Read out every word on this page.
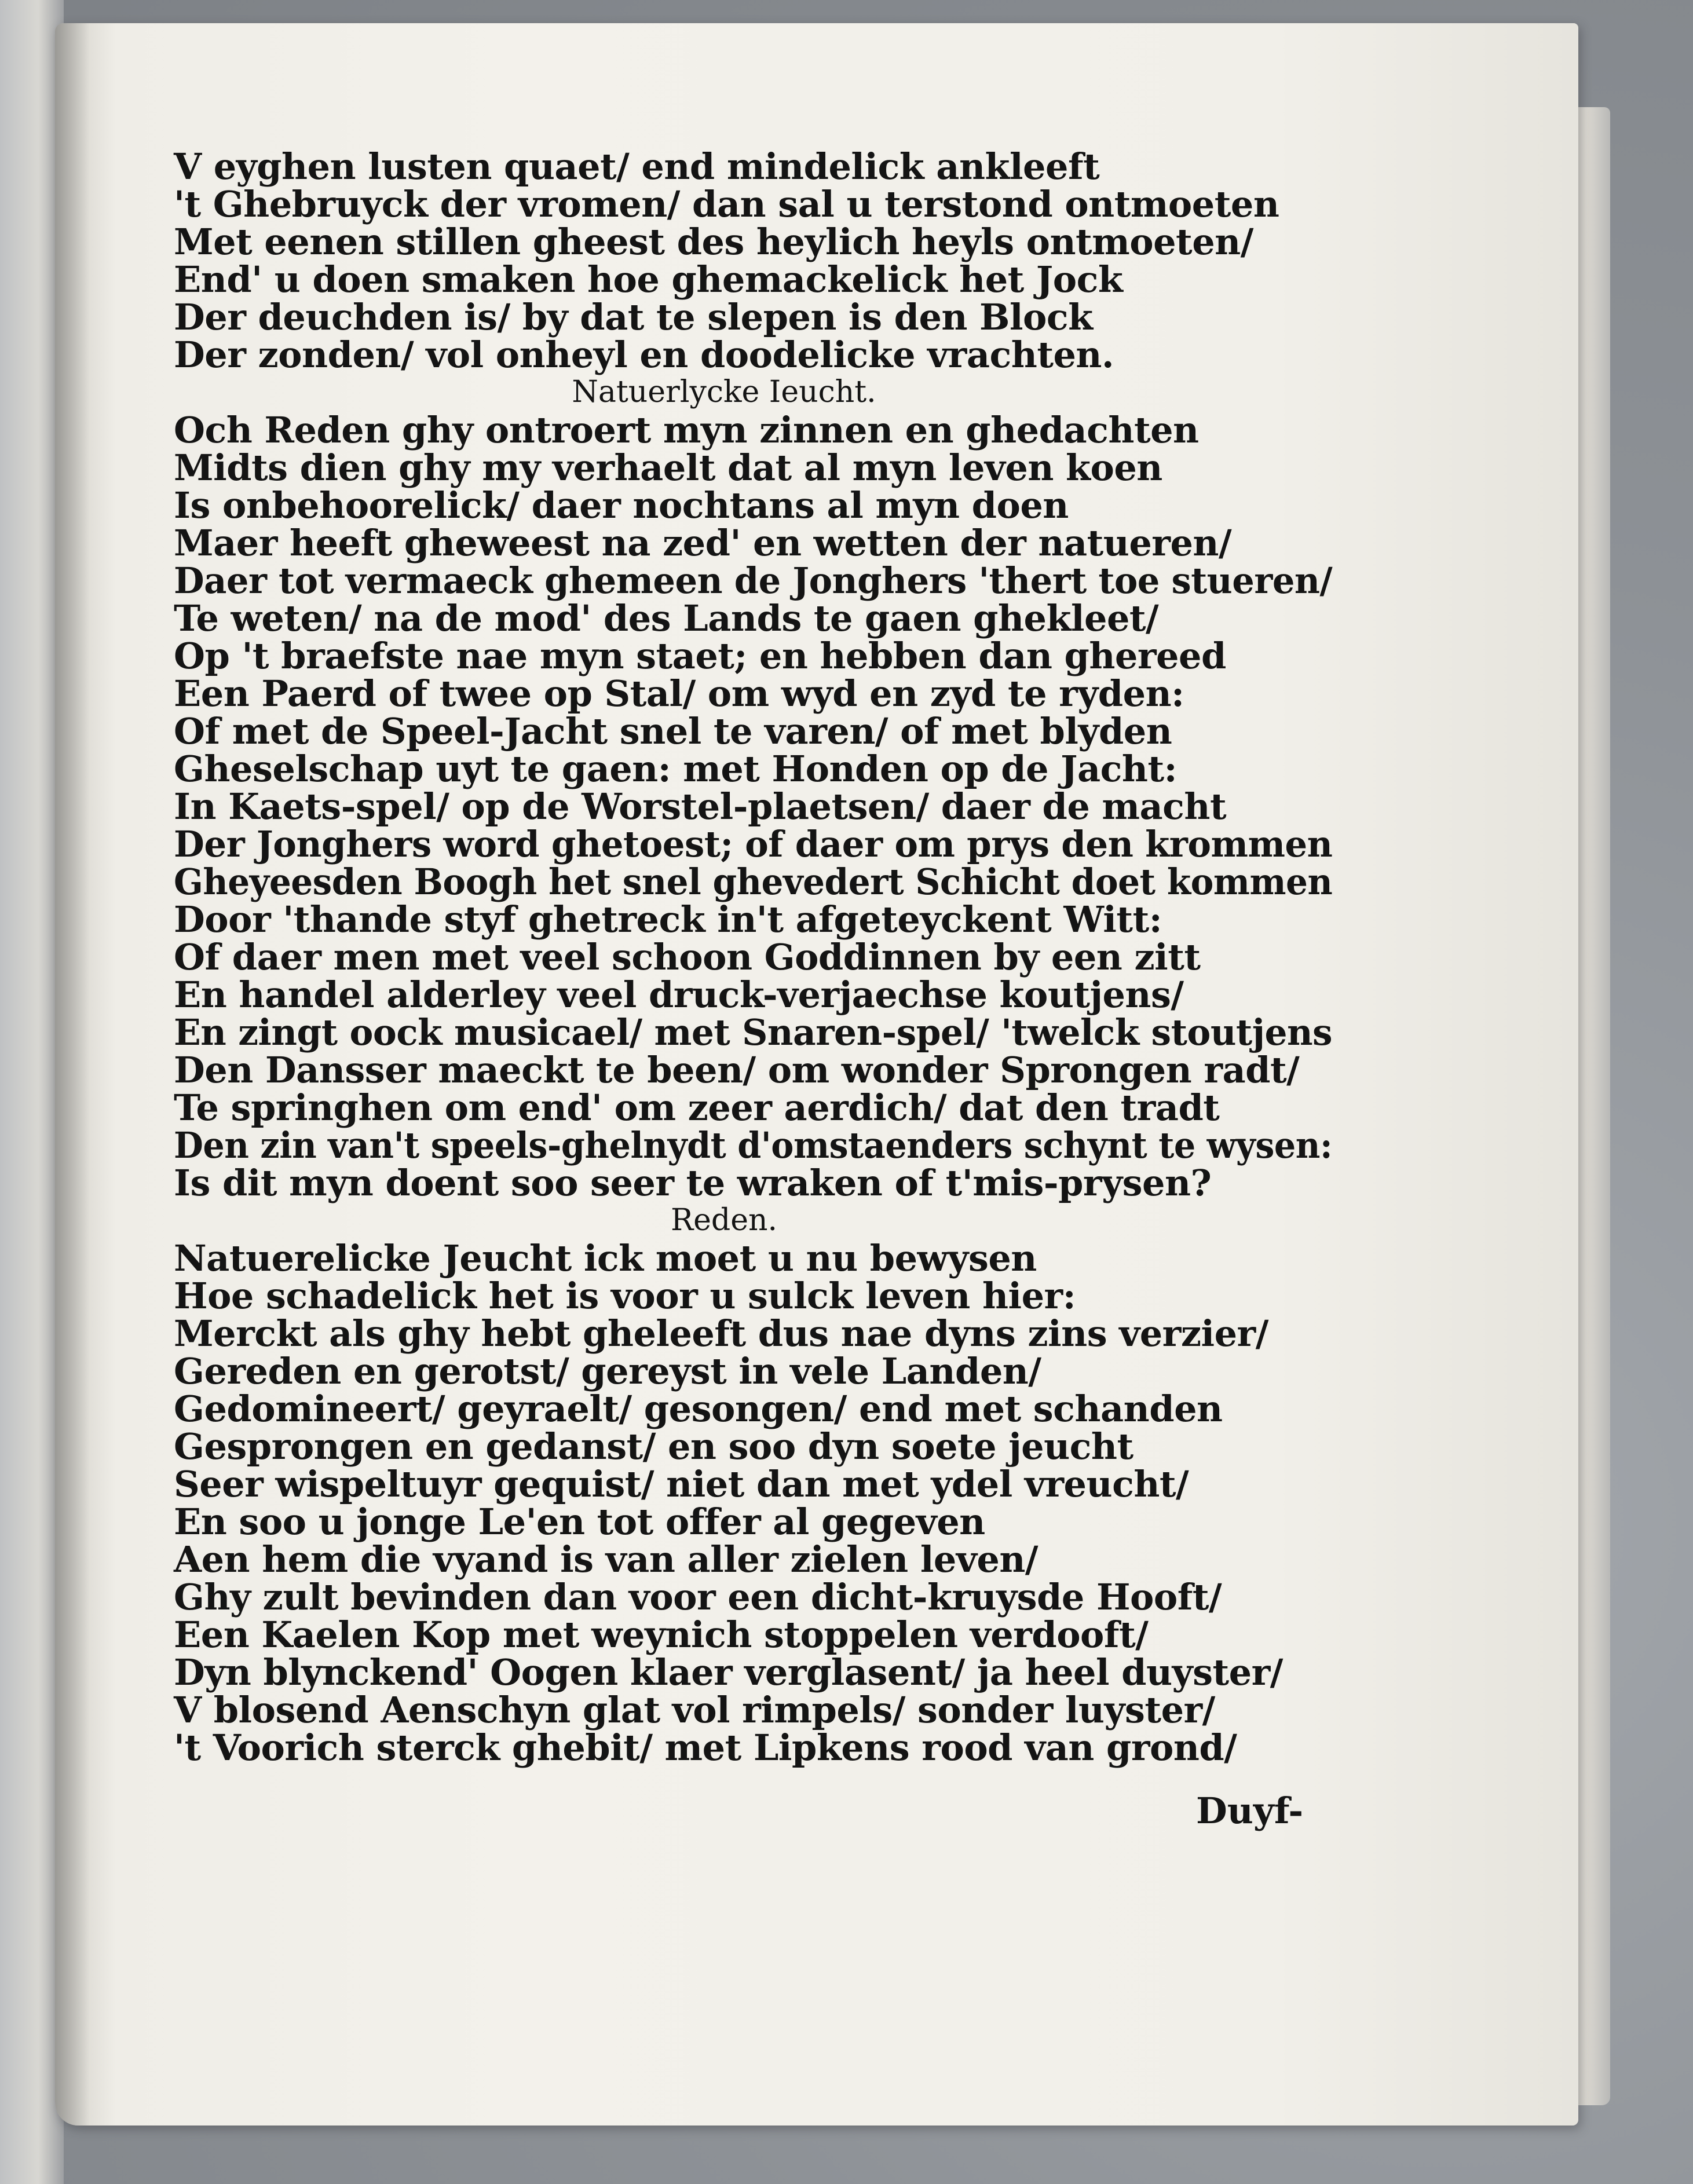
V eyghen lusten quaet/ end mindelick ankleeft
't Ghebruyck der vromen/ dan sal u terstond ontmoeten
Met eenen stillen gheest des heylich heyls ontmoeten/
End' u doen smaken hoe ghemackelick het Jock
Der deuchden is/ by dat te slepen is den Block
Der zonden/ vol onheyl en doodelicke vrachten.
Natuerlycke Ieucht.
Och Reden ghy ontroert myn zinnen en ghedachten
Midts dien ghy my verhaelt dat al myn leven koen
Is onbehoorelick/ daer nochtans al myn doen
Maer heeft gheweest na zed' en wetten der natueren/
Daer tot vermaeck ghemeen de Jonghers 'thert toe stueren/
Te weten/ na de mod' des Lands te gaen ghekleet/
Op 't braefste nae myn staet; en hebben dan ghereed
Een Paerd of twee op Stal/ om wyd en zyd te ryden:
Of met de Speel-Jacht snel te varen/ of met blyden
Gheselschap uyt te gaen: met Honden op de Jacht:
In Kaets-spel/ op de Worstel-plaetsen/ daer de macht
Der Jonghers word ghetoest; of daer om prys den krommen
Gheyeesden Boogh het snel ghevedert Schicht doet kommen
Door 'thande styf ghetreck in't afgeteyckent Witt:
Of daer men met veel schoon Goddinnen by een zitt
En handel alderley veel druck-verjaechse koutjens/
En zingt oock musicael/ met Snaren-spel/ 'twelck stoutjens
Den Dansser maeckt te been/ om wonder Sprongen radt/
Te springhen om end' om zeer aerdich/ dat den tradt
Den zin van't speels-ghelnydt d'omstaenders schynt te wysen:
Is dit myn doent soo seer te wraken of t'mis-prysen?
Reden.
Natuerelicke Jeucht ick moet u nu bewysen
Hoe schadelick het is voor u sulck leven hier:
Merckt als ghy hebt gheleeft dus nae dyns zins verzier/
Gereden en gerotst/ gereyst in vele Landen/
Gedomineert/ geyraelt/ gesongen/ end met schanden
Gesprongen en gedanst/ en soo dyn soete jeucht
Seer wispeltuyr gequist/ niet dan met ydel vreucht/
En soo u jonge Le'en tot offer al gegeven
Aen hem die vyand is van aller zielen leven/
Ghy zult bevinden dan voor een dicht-kruysde Hooft/
Een Kaelen Kop met weynich stoppelen verdooft/
Dyn blynckend' Oogen klaer verglasent/ ja heel duyster/
V blosend Aenschyn glat vol rimpels/ sonder luyster/
't Voorich sterck ghebit/ met Lipkens rood van grond/
Duyf-
